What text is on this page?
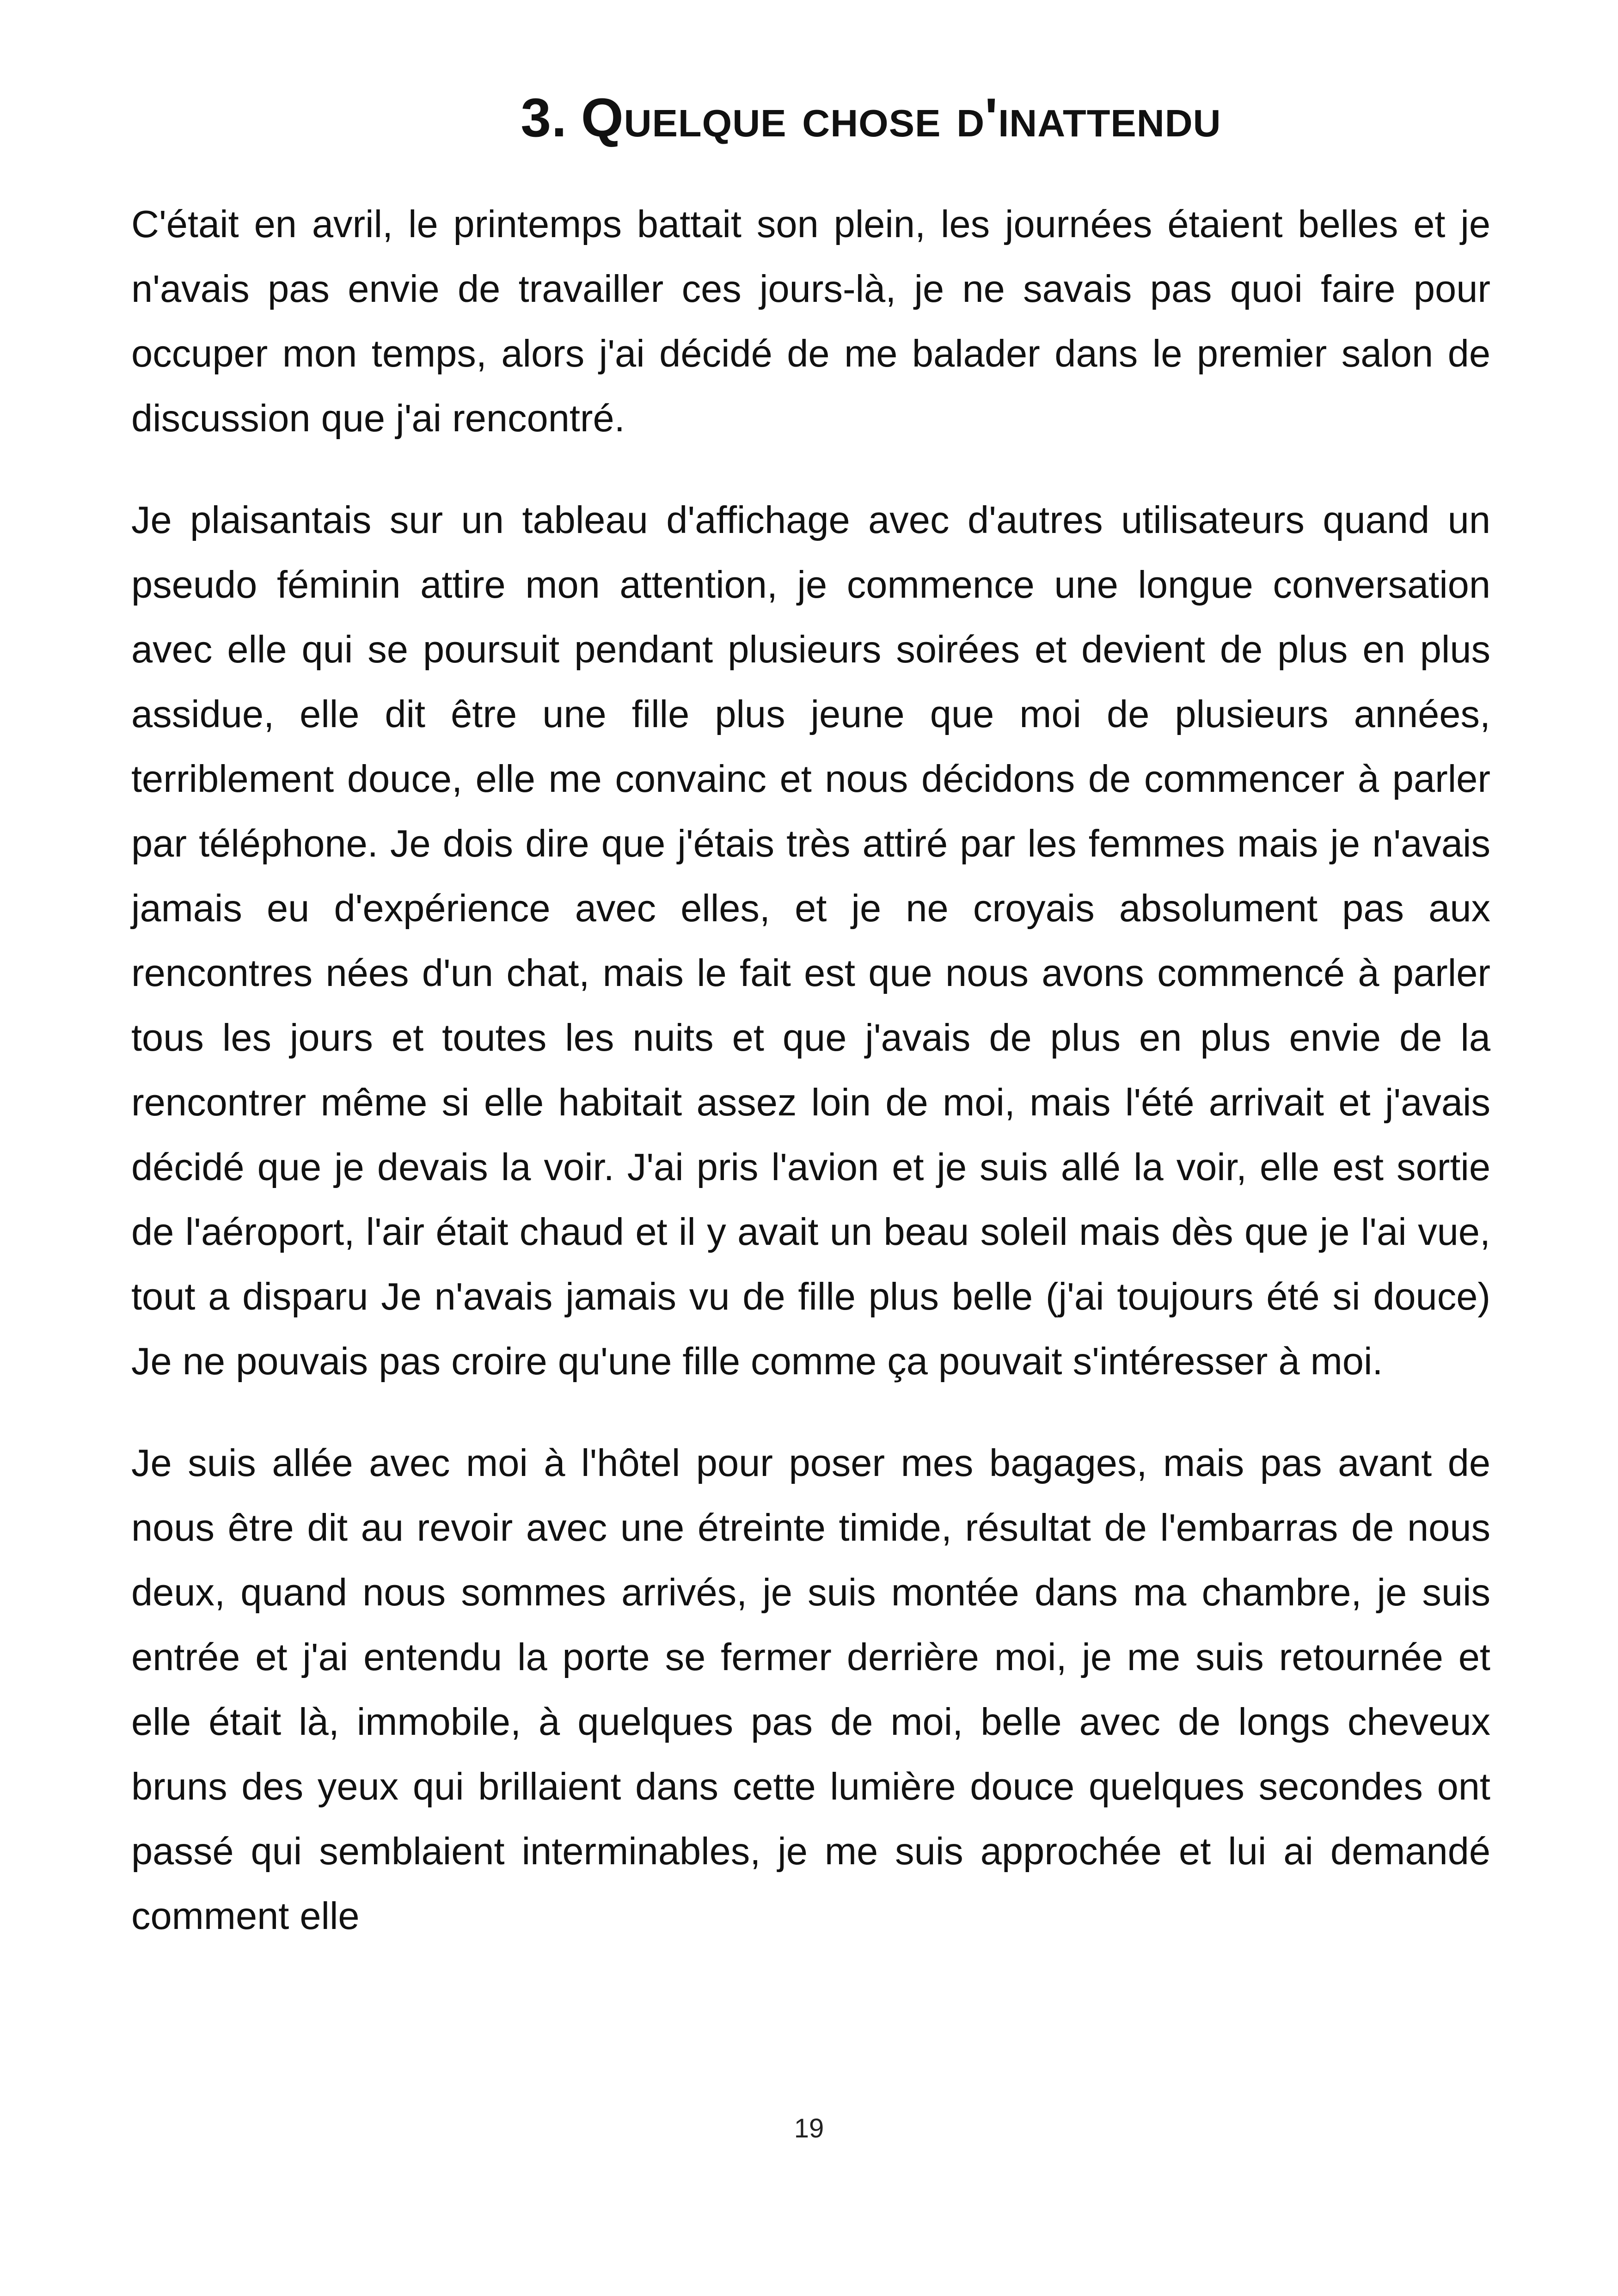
3. Quelque chose d'inattendu

C'était en avril, le printemps battait son plein, les journées étaient belles et je n'avais pas envie de travailler ces jours-là, je ne savais pas quoi faire pour occuper mon temps, alors j'ai décidé de me balader dans le premier salon de discussion que j'ai rencontré.

Je plaisantais sur un tableau d'affichage avec d'autres utilisateurs quand un pseudo féminin attire mon attention, je commence une longue conversation avec elle qui se poursuit pendant plusieurs soirées et devient de plus en plus assidue, elle dit être une fille plus jeune que moi de plusieurs années, terriblement douce, elle me convainc et nous décidons de commencer à parler par téléphone. Je dois dire que j'étais très attiré par les femmes mais je n'avais jamais eu d'expérience avec elles, et je ne croyais absolument pas aux rencontres nées d'un chat, mais le fait est que nous avons commencé à parler tous les jours et toutes les nuits et que j'avais de plus en plus envie de la rencontrer même si elle habitait assez loin de moi, mais l'été arrivait et j'avais décidé que je devais la voir. J'ai pris l'avion et je suis allé la voir, elle est sortie de l'aéroport, l'air était chaud et il y avait un beau soleil mais dès que je l'ai vue, tout a disparu Je n'avais jamais vu de fille plus belle (j'ai toujours été si douce) Je ne pouvais pas croire qu'une fille comme ça pouvait s'intéresser à moi.

Je suis allée avec moi à l'hôtel pour poser mes bagages, mais pas avant de nous être dit au revoir avec une étreinte timide, résultat de l'embarras de nous deux, quand nous sommes arrivés, je suis montée dans ma chambre, je suis entrée et j'ai entendu la porte se fermer derrière moi, je me suis retournée et elle était là, immobile, à quelques pas de moi, belle avec de longs cheveux bruns des yeux qui brillaient dans cette lumière douce quelques secondes ont passé qui semblaient interminables, je me suis approchée et lui ai demandé comment elle

19
